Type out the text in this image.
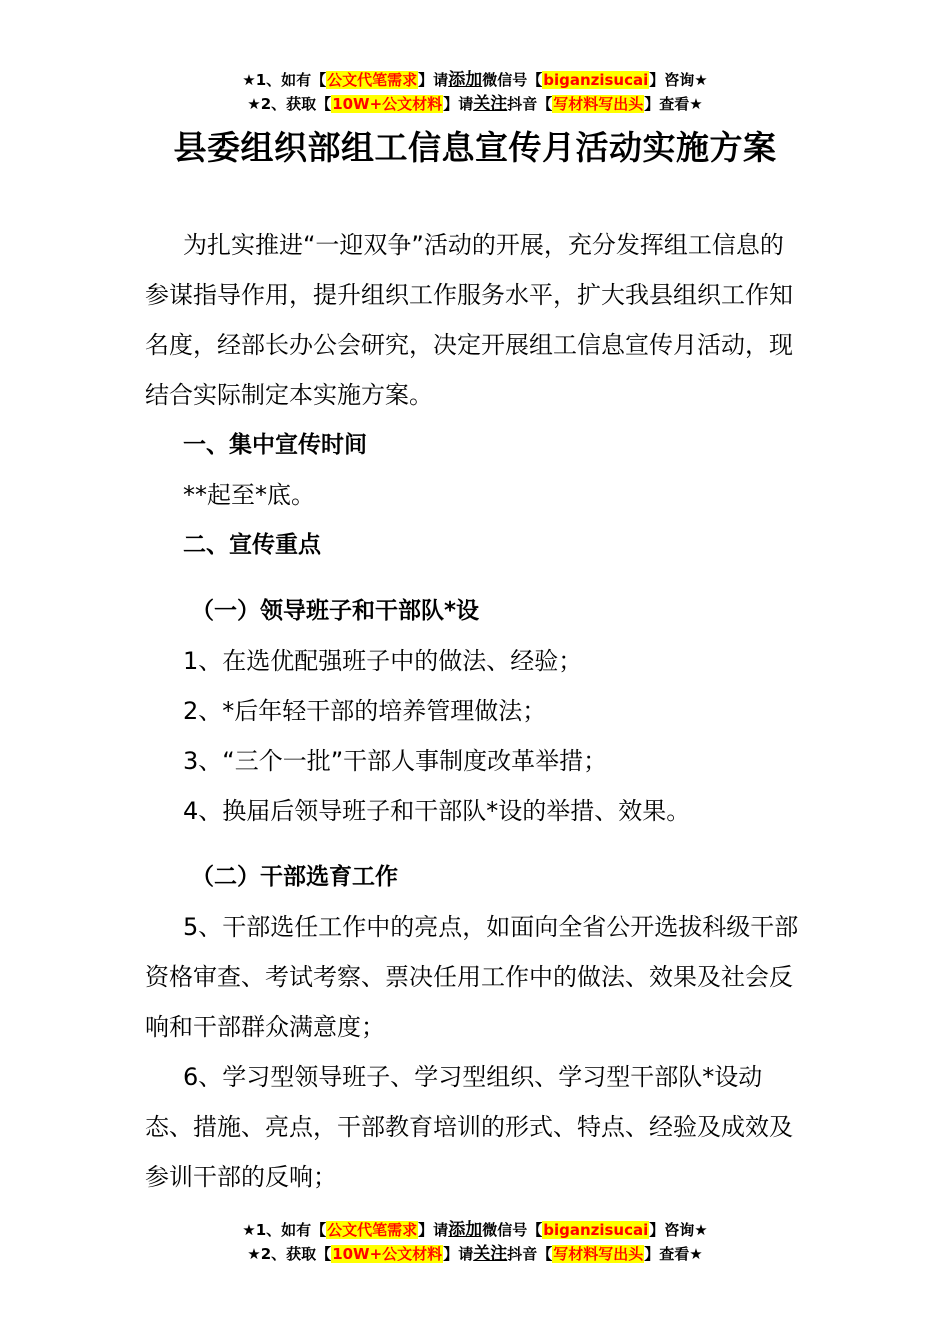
★1、如有【公文代笔需求】请添加微信号【biganzisucai】咨询★
★2、获取【10W+公文材料】请关注抖音【写材料写出头】查看★
县委组织部组工信息宣传月活动实施方案

为扎实推进“一迎双争”活动的开展，充分发挥组工信息的参谋指导作用，提升组织工作服务水平，扩大我县组织工作知名度，经部长办公会研究，决定开展组工信息宣传月活动，现结合实际制定本实施方案。

一、集中宣传时间

**起至*底。

二、宣传重点

（一）领导班子和干部队*设

1、在选优配强班子中的做法、经验；

2、*后年轻干部的培养管理做法；

3、“三个一批”干部人事制度改革举措；

4、换届后领导班子和干部队*设的举措、效果。

（二）干部选育工作

5、干部选任工作中的亮点，如面向全省公开选拔科级干部资格审查、考试考察、票决任用工作中的做法、效果及社会反响和干部群众满意度；

6、学习型领导班子、学习型组织、学习型干部队*设动态、措施、亮点，干部教育培训的形式、特点、经验及成效及参训干部的反响；

★1、如有【公文代笔需求】请添加微信号【biganzisucai】咨询★
★2、获取【10W+公文材料】请关注抖音【写材料写出头】查看★
